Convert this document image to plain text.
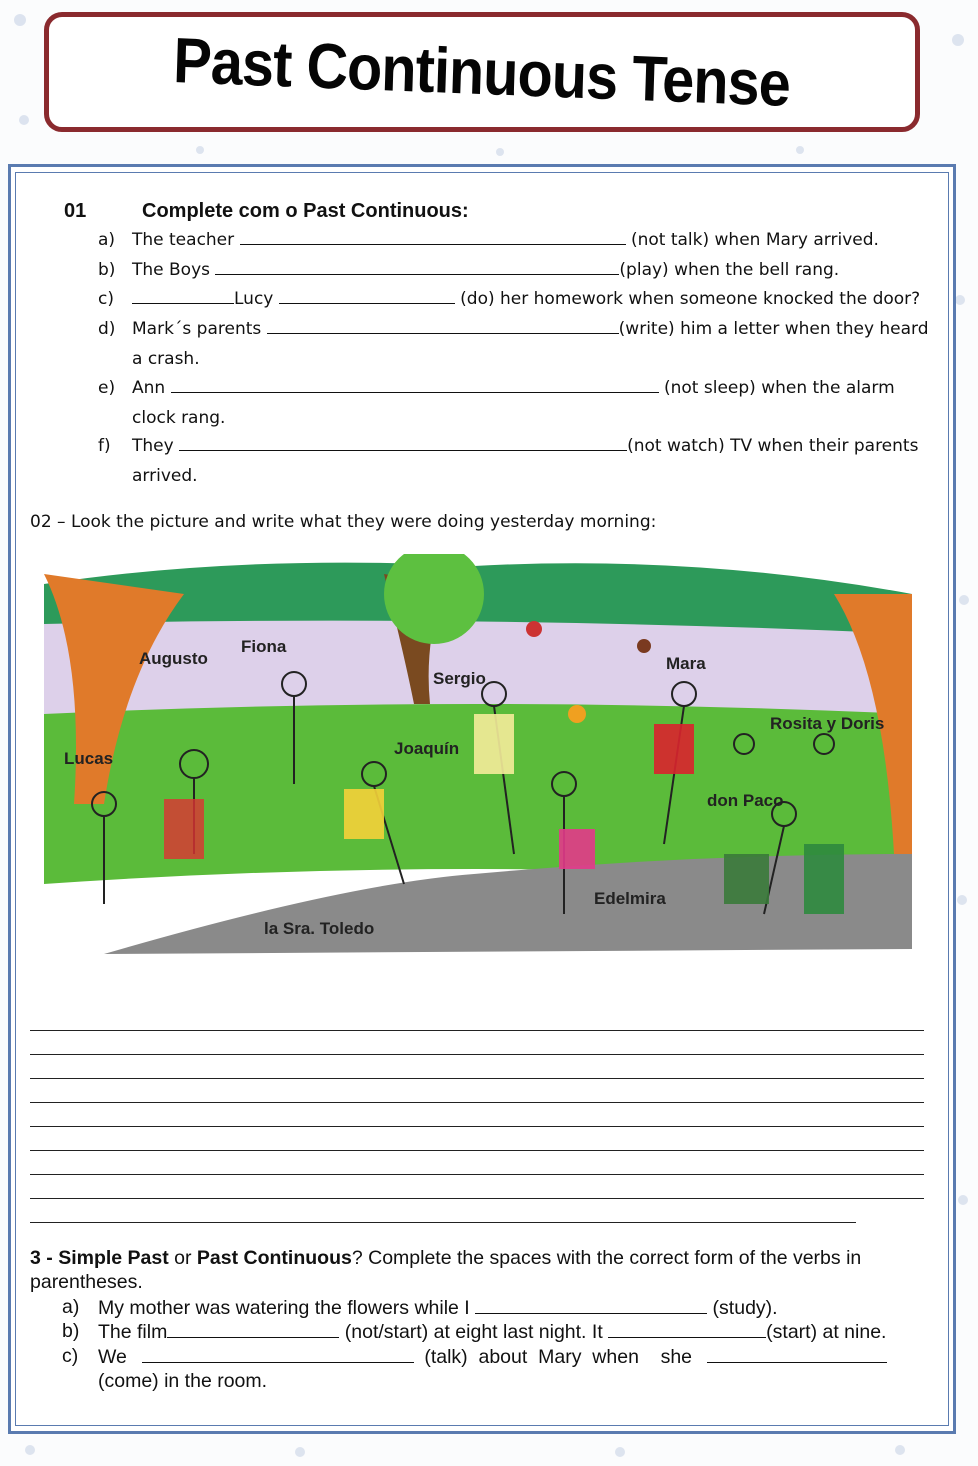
Past Continuous Tense
01	Complete com o Past Continuous:
a) The teacher	(not talk) when Mary arrived.
b) The Boys	(play) when the bell rang.
c)	Lucy	(do) her homework when someone knocked the door?
d) Mark´s parents	(write) him a letter when they heard
a crash.
e) Ann	(not sleep) when the alarm
clock rang.
f) They	(not watch) TV when their parents
arrived.
02 – Look the picture and write what they were doing yesterday morning:
Augusto
Fiona
Sergio
Mara
Rosita y Doris
Lucas
Joaquín
don Paco
Edelmira
la Sra. Toledo
3 - Simple Past or Past Continuous? Complete the spaces with the correct form of the verbs in
parentheses.
a) My mother was watering the flowers while I	(study).
b) The film	(not/start) at eight last night. It	(start) at nine.
c) We	(talk)  about  Mary  when    she
(come) in the room.
